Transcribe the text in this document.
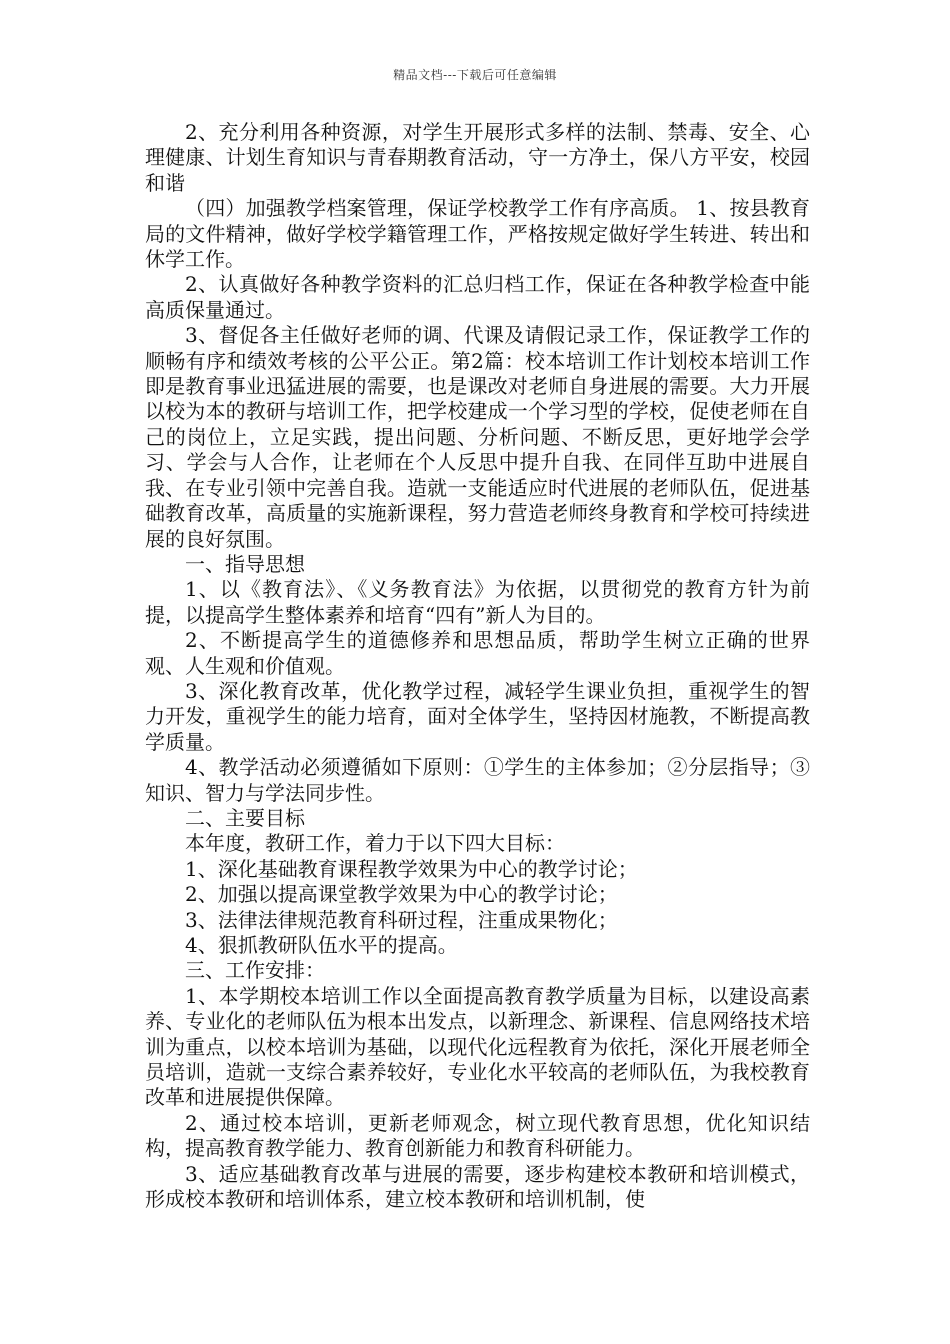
精品文档---下载后可任意编辑

2、充分利用各种资源，对学生开展形式多样的法制、禁毒、安全、心理健康、计划生育知识与青春期教育活动，守一方净土，保八方平安，校园和谐

（四）加强教学档案管理，保证学校教学工作有序高质。 1、按县教育局的文件精神，做好学校学籍管理工作，严格按规定做好学生转进、转出和休学工作。

2、认真做好各种教学资料的汇总归档工作，保证在各种教学检查中能高质保量通过。

3、督促各主任做好老师的调、代课及请假记录工作，保证教学工作的顺畅有序和绩效考核的公平公正。第2篇：校本培训工作计划校本培训工作即是教育事业迅猛进展的需要，也是课改对老师自身进展的需要。大力开展以校为本的教研与培训工作，把学校建成一个学习型的学校，促使老师在自己的岗位上，立足实践，提出问题、分析问题、不断反思，更好地学会学习、学会与人合作，让老师在个人反思中提升自我、在同伴互助中进展自我、在专业引领中完善自我。造就一支能适应时代进展的老师队伍，促进基础教育改革，高质量的实施新课程，努力营造老师终身教育和学校可持续进展的良好氛围。

一、指导思想

1、以《教育法》、《义务教育法》为依据，以贯彻党的教育方针为前提，以提高学生整体素养和培育“四有”新人为目的。

2、不断提高学生的道德修养和思想品质，帮助学生树立正确的世界观、人生观和价值观。

3、深化教育改革，优化教学过程，减轻学生课业负担，重视学生的智力开发，重视学生的能力培育，面对全体学生，坚持因材施教，不断提高教学质量。

4、教学活动必须遵循如下原则：①学生的主体参加；②分层指导；③知识、智力与学法同步性。

二、主要目标

本年度，教研工作，着力于以下四大目标：

1、深化基础教育课程教学效果为中心的教学讨论；

2、加强以提高课堂教学效果为中心的教学讨论；

3、法律法律规范教育科研过程，注重成果物化；

4、狠抓教研队伍水平的提高。

三、工作安排：

1、本学期校本培训工作以全面提高教育教学质量为目标，以建设高素养、专业化的老师队伍为根本出发点，以新理念、新课程、信息网络技术培训为重点，以校本培训为基础，以现代化远程教育为依托，深化开展老师全员培训，造就一支综合素养较好，专业化水平较高的老师队伍，为我校教育改革和进展提供保障。

2、通过校本培训，更新老师观念，树立现代教育思想，优化知识结构，提高教育教学能力、教育创新能力和教育科研能力。

3、适应基础教育改革与进展的需要，逐步构建校本教研和培训模式，形成校本教研和培训体系，建立校本教研和培训机制，使
